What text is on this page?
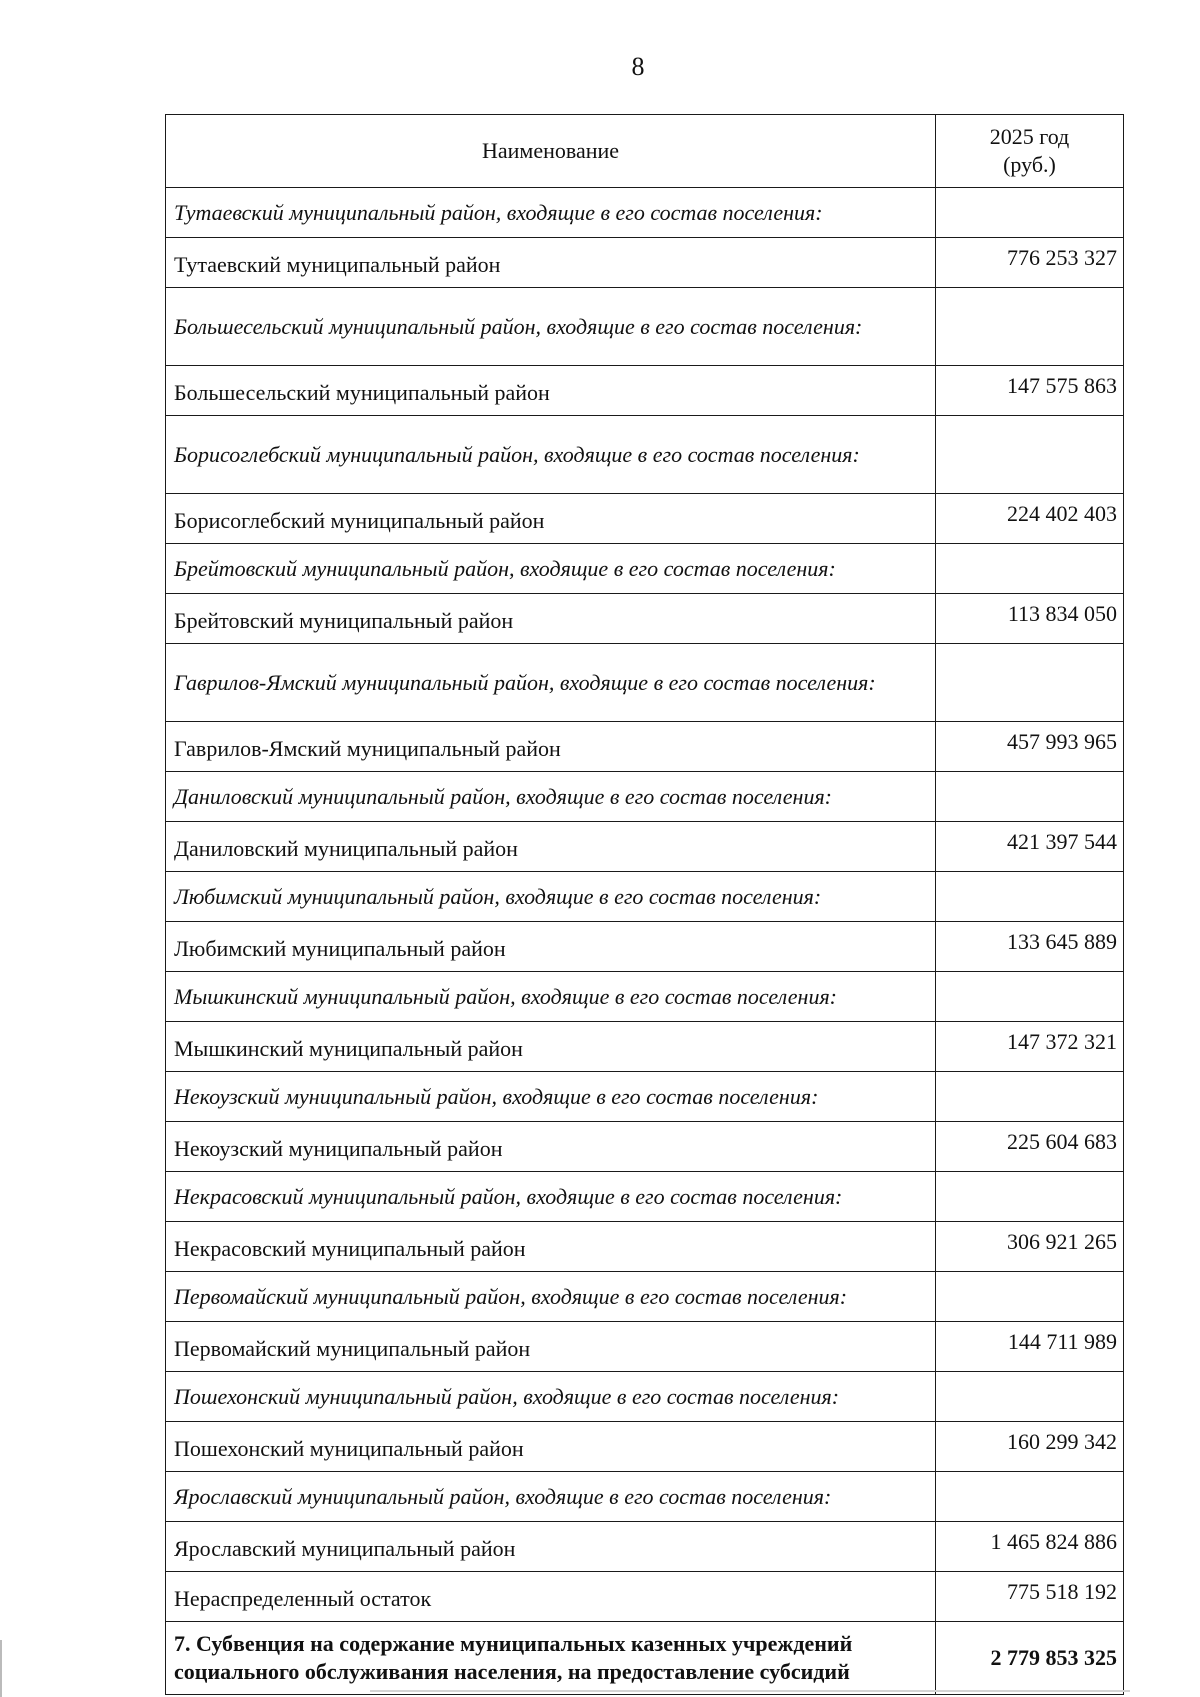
8
Наименование	2025 год
(руб.)

Тутаевский муниципальный район, входящие в его состав поселения:	
Тутаевский муниципальный район	776 253 327
Большесельский муниципальный район, входящие в его состав поселения:	
Большесельский муниципальный район	147 575 863
Борисоглебский муниципальный район, входящие в его состав поселения:	
Борисоглебский муниципальный район	224 402 403
Брейтовский муниципальный район, входящие в его состав поселения:	
Брейтовский муниципальный район	113 834 050
Гаврилов-Ямский муниципальный район, входящие в его состав поселения:	
Гаврилов-Ямский муниципальный район	457 993 965
Даниловский муниципальный район, входящие в его состав поселения:	
Даниловский муниципальный район	421 397 544
Любимский муниципальный район, входящие в его состав поселения:	
Любимский муниципальный район	133 645 889
Мышкинский муниципальный район, входящие в его состав поселения:	
Мышкинский муниципальный район	147 372 321
Некоузский муниципальный район, входящие в его состав поселения:	
Некоузский муниципальный район	225 604 683
Некрасовский муниципальный район, входящие в его состав поселения:	
Некрасовский муниципальный район	306 921 265
Первомайский муниципальный район, входящие в его состав поселения:	
Первомайский муниципальный район	144 711 989
Пошехонский муниципальный район, входящие в его состав поселения:	
Пошехонский муниципальный район	160 299 342
Ярославский муниципальный район, входящие в его состав поселения:	
Ярославский муниципальный район	1 465 824 886
Нераспределенный остаток	775 518 192

7. Субвенция на содержание муниципальных казенных учреждений
социального обслуживания населения, на предоставление субсидий	2 779 853 325
